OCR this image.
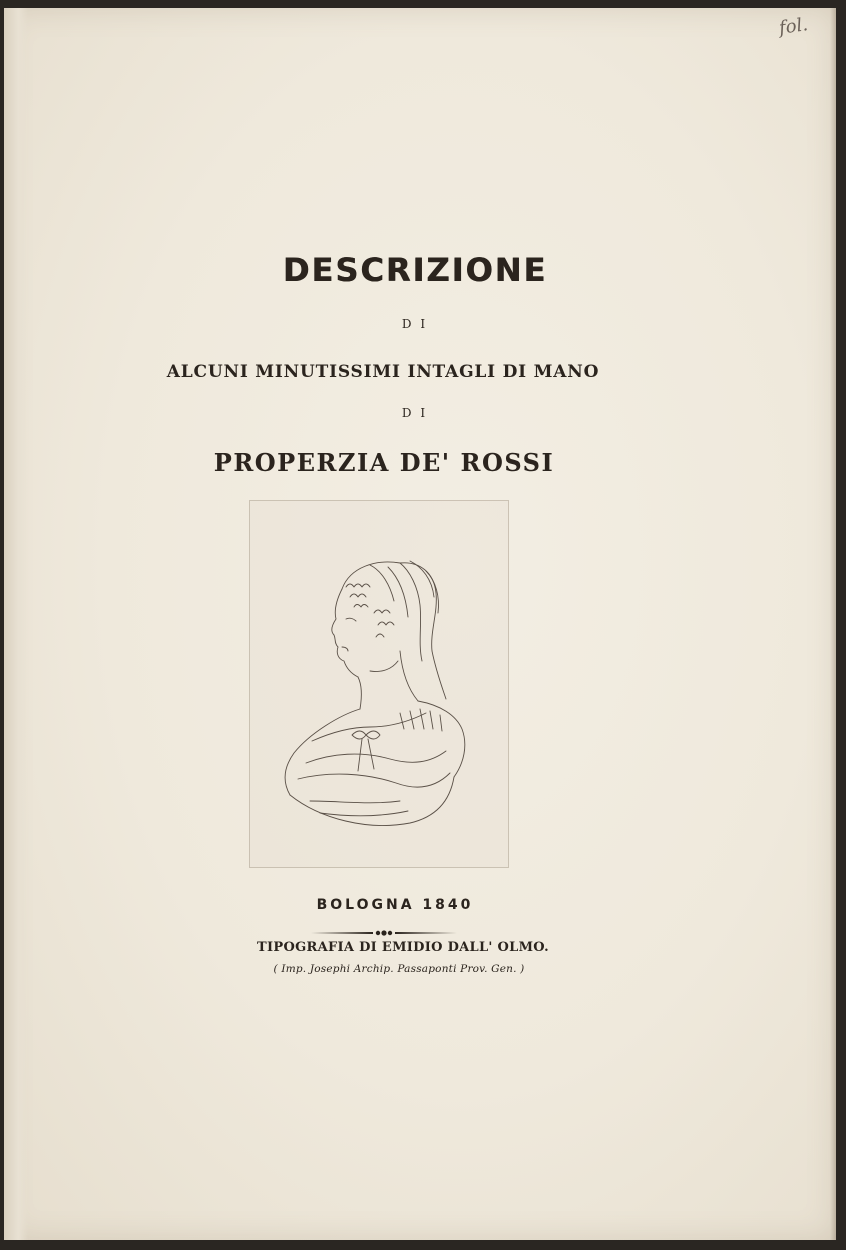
fol.
DESCRIZIONE
DI
ALCUNI MINUTISSIMI INTAGLI DI MANO
DI
PROPERZIA DE' ROSSI
BOLOGNA 1840
TIPOGRAFIA DI EMIDIO DALL' OLMO.
( Imp. Josephi Archip. Passaponti Prov. Gen. )
